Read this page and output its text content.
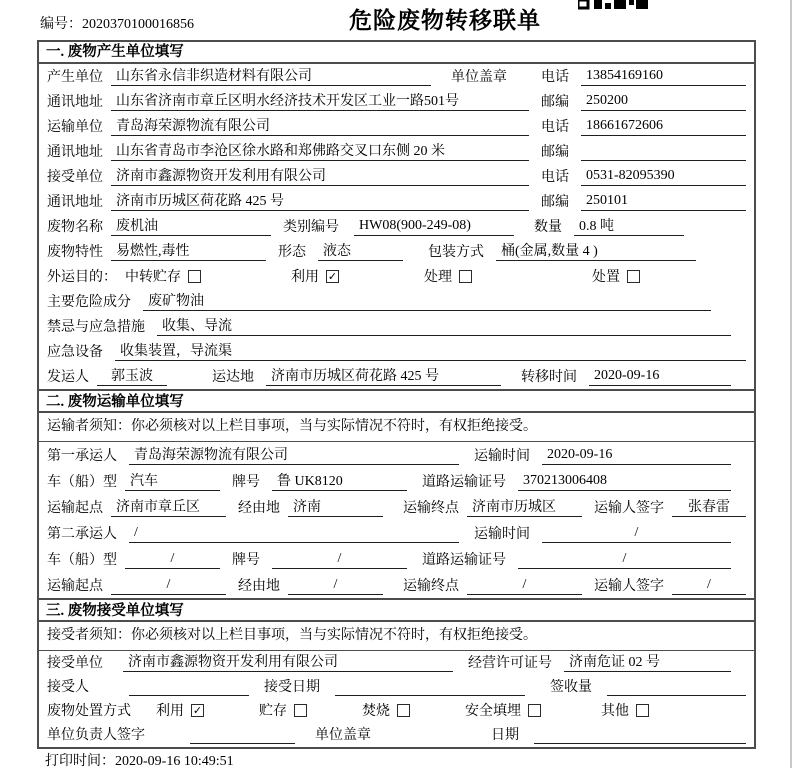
编号：2020370100016856	危险废物转移联单
一. 废物产生单位填写
产生单位 山东省永信非织造材料有限公司	单位盖章 电话	13854169160
通讯地址 山东省济南市章丘区明水经济技术开发区工业一路501号	邮编	250200
运输单位 青岛海荣源物流有限公司	电话	18661672606
通讯地址 山东省青岛市李沧区徐水路和郑佛路交叉口东侧 20 米	邮编
接受单位 济南市鑫源物资开发利用有限公司	电话	0531-82095390
通讯地址 济南市历城区荷花路 425 号	邮编	250101
废物名称 废机油	类别编号	HW08(900-249-08)	数量	0.8 吨
废物特性 易燃性,毒性	形态	液态	包装方式	桶(金属,数量 4 )
外运目的： 中转贮存	利用 ✓	处理	处置
主要危险成分	废矿物油
禁忌与应急措施	收集、导流
应急设备	收集装置，导流渠
发运人	郭玉波	运达地	济南市历城区荷花路 425 号	转移时间	2020-09-16
二. 废物运输单位填写
运输者须知：你必须核对以上栏目事项，当与实际情况不符时，有权拒绝接受。
第一承运人	青岛海荣源物流有限公司	运输时间	2020-09-16
车（船）型 汽车	牌号	鲁 UK8120	道路运输证号	370213006408
运输起点 济南市章丘区	经由地 济南	运输终点 济南市历城区	运输人签字	张春雷
第二承运人	/	运输时间	/
车（船）型	/	牌号	/	道路运输证号	/
运输起点	/	经由地	/	运输终点	/	运输人签字	/
三. 废物接受单位填写
接受者须知：你必须核对以上栏目事项，当与实际情况不符时，有权拒绝接受。
接受单位	济南市鑫源物资开发利用有限公司	经营许可证号	济南危证 02 号
接受人	接受日期	签收量
废物处置方式 利用 ✓	贮存	焚烧	安全填埋	其他
单位负责人签字	单位盖章	日期
打印时间：2020-09-16 10:49:51
